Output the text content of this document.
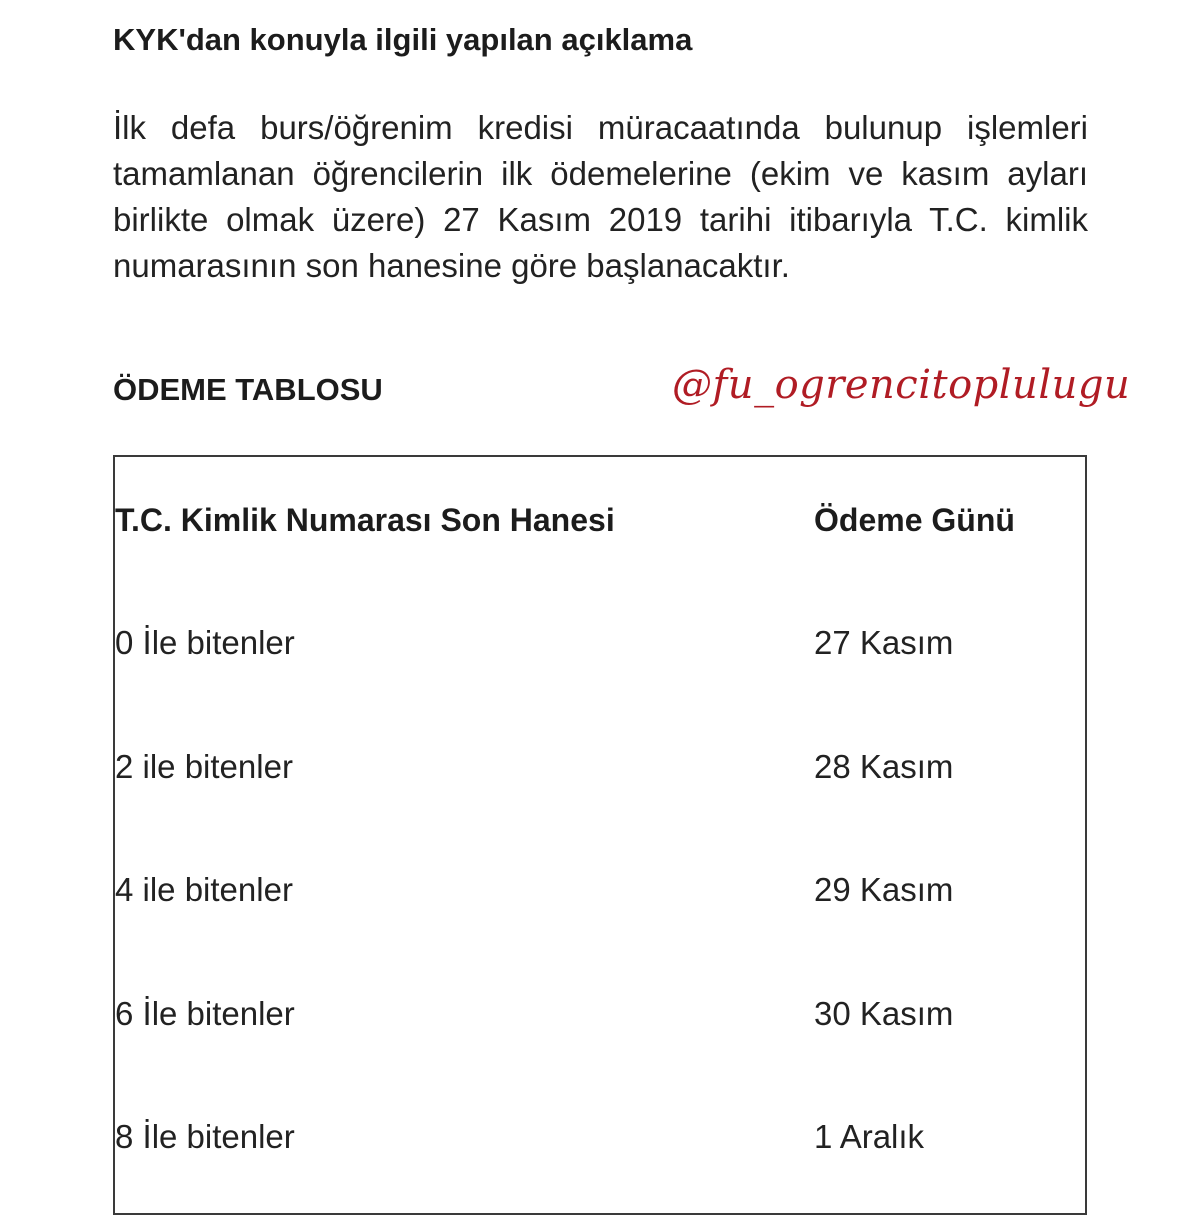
KYK'dan konuyla ilgili yapılan açıklama

İlk defa burs/öğrenim kredisi müracaatında bulunup işlemleri tamamlanan öğrencilerin ilk ödemelerine (ekim ve kasım ayları birlikte olmak üzere) 27 Kasım 2019 tarihi itibarıyla T.C. kimlik numarasının son hanesine göre başlanacaktır.

ÖDEME TABLOSU	@fu_ogrencitoplulugu
T.C. Kimlik Numarası Son Hanesi	Ödeme Günü
0 İle bitenler	27 Kasım
2 ile bitenler	28 Kasım
4 ile bitenler	29 Kasım
6 İle bitenler	30 Kasım
8 İle bitenler	1 Aralık
